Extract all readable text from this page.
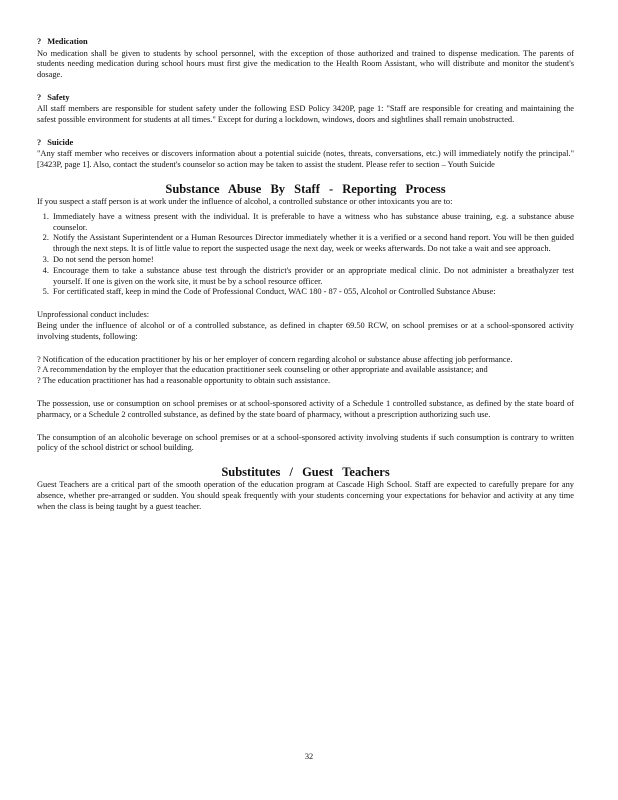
? Medication

No medication shall be given to students by school personnel, with the exception of those authorized and trained to dispense medication. The parents of students needing medication during school hours must first give the medication to the Health Room Assistant, who will distribute and monitor the student's dosage.

? Safety

All staff members are responsible for student safety under the following ESD Policy 3420P, page 1: "Staff are responsible for creating and maintaining the safest possible environment for students at all times." Except for during a lockdown, windows, doors and sightlines shall remain unobstructed.

? Suicide

"Any staff member who receives or discovers information about a potential suicide (notes, threats, conversations, etc.) will immediately notify the principal." [3423P, page 1]. Also, contact the student's counselor so action may be taken to assist the student. Please refer to section – Youth Suicide

Substance Abuse By Staff - Reporting Process

If you suspect a staff person is at work under the influence of alcohol, a controlled substance or other intoxicants you are to:

1. Immediately have a witness present with the individual. It is preferable to have a witness who has substance abuse training, e.g. a substance abuse counselor.
2. Notify the Assistant Superintendent or a Human Resources Director immediately whether it is a verified or a second hand report. You will be then guided through the next steps. It is of little value to report the suspected usage the next day, week or weeks afterwards. Do not take a wait and see approach.
3. Do not send the person home!
4. Encourage them to take a substance abuse test through the district's provider or an appropriate medical clinic. Do not administer a breathalyzer test yourself. If one is given on the work site, it must be by a school resource officer.
5. For certificated staff, keep in mind the Code of Professional Conduct, WAC 180 - 87 - 055, Alcohol or Controlled Substance Abuse:

Unprofessional conduct includes:

Being under the influence of alcohol or of a controlled substance, as defined in chapter 69.50 RCW, on school premises or at a school-sponsored activity involving students, following:

? Notification of the education practitioner by his or her employer of concern regarding alcohol or substance abuse affecting job performance.

? A recommendation by the employer that the education practitioner seek counseling or other appropriate and available assistance; and

? The education practitioner has had a reasonable opportunity to obtain such assistance.

The possession, use or consumption on school premises or at school-sponsored activity of a Schedule 1 controlled substance, as defined by the state board of pharmacy, or a Schedule 2 controlled substance, as defined by the state board of pharmacy, without a prescription authorizing such use.

The consumption of an alcoholic beverage on school premises or at a school-sponsored activity involving students if such consumption is contrary to written policy of the school district or school building.

Substitutes / Guest Teachers

Guest Teachers are a critical part of the smooth operation of the education program at Cascade High School. Staff are expected to carefully prepare for any absence, whether pre-arranged or sudden. You should speak frequently with your students concerning your expectations for behavior and activity at any time when the class is being taught by a guest teacher.

32
